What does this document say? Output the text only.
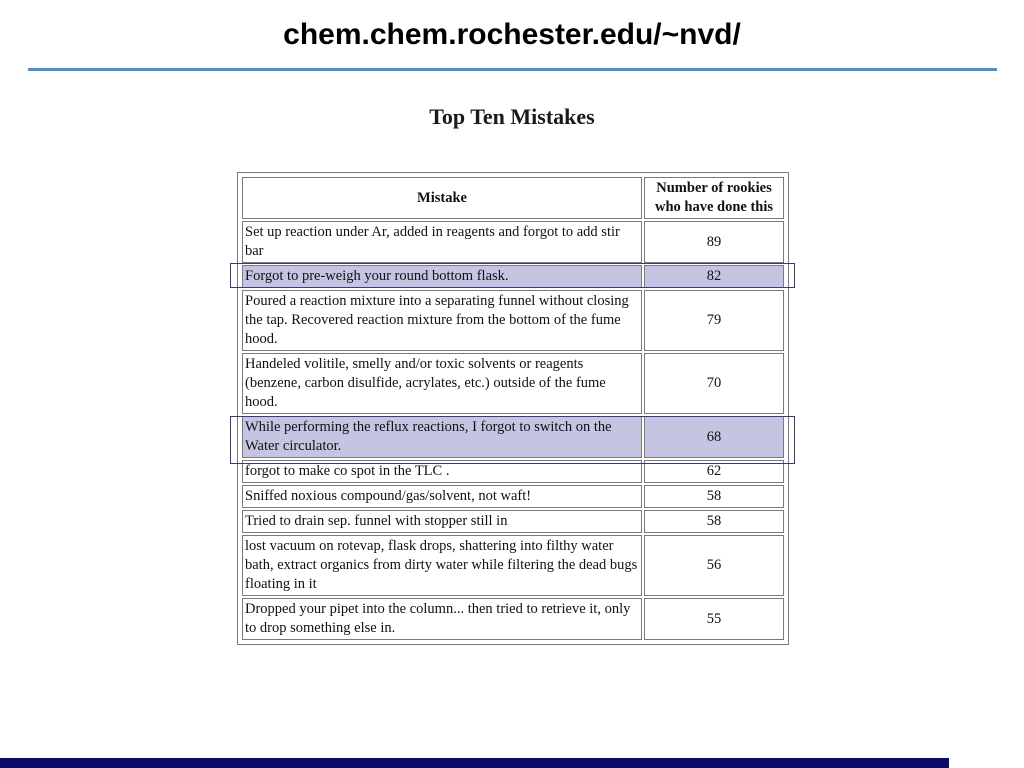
chem.chem.rochester.edu/~nvd/
Top Ten Mistakes
Mistake	Number of rookies who have done this
Set up reaction under Ar, added in reagents and forgot to add stir bar	89
Forgot to pre-weigh your round bottom flask.	82
Poured a reaction mixture into a separating funnel without closing the tap. Recovered reaction mixture from the bottom of the fume hood.	79
Handeled volitile, smelly and/or toxic solvents or reagents (benzene, carbon disulfide, acrylates, etc.) outside of the fume hood.	70
While performing the reflux reactions, I forgot to switch on the Water circulator.	68
forgot to make co spot in the TLC .	62
Sniffed noxious compound/gas/solvent, not waft!	58
Tried to drain sep. funnel with stopper still in	58
lost vacuum on rotevap, flask drops, shattering into filthy water bath, extract organics from dirty water while filtering the dead bugs floating in it	56
Dropped your pipet into the column... then tried to retrieve it, only to drop something else in.	55
